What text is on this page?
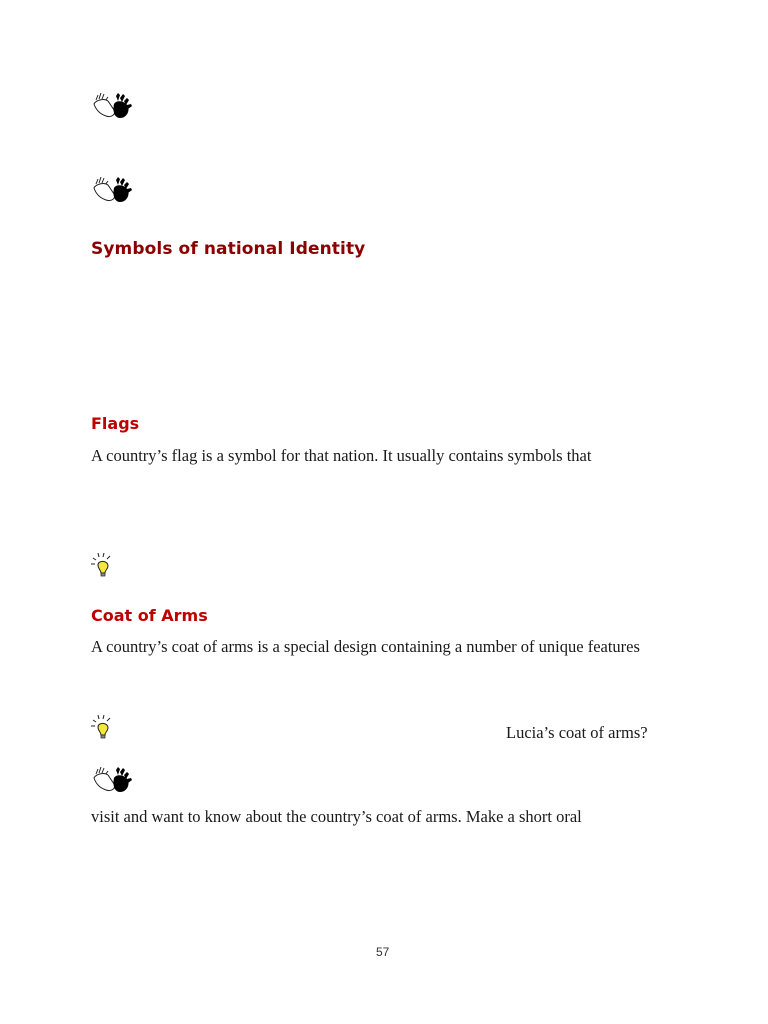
Symbols of national Identity
Flags
A country’s flag is a symbol for that nation. It usually contains symbols that
Coat of Arms
A country’s coat of arms is a special design containing a number of unique features
Lucia’s coat of arms?
visit and want to know about the country’s coat of arms. Make a short oral
57
